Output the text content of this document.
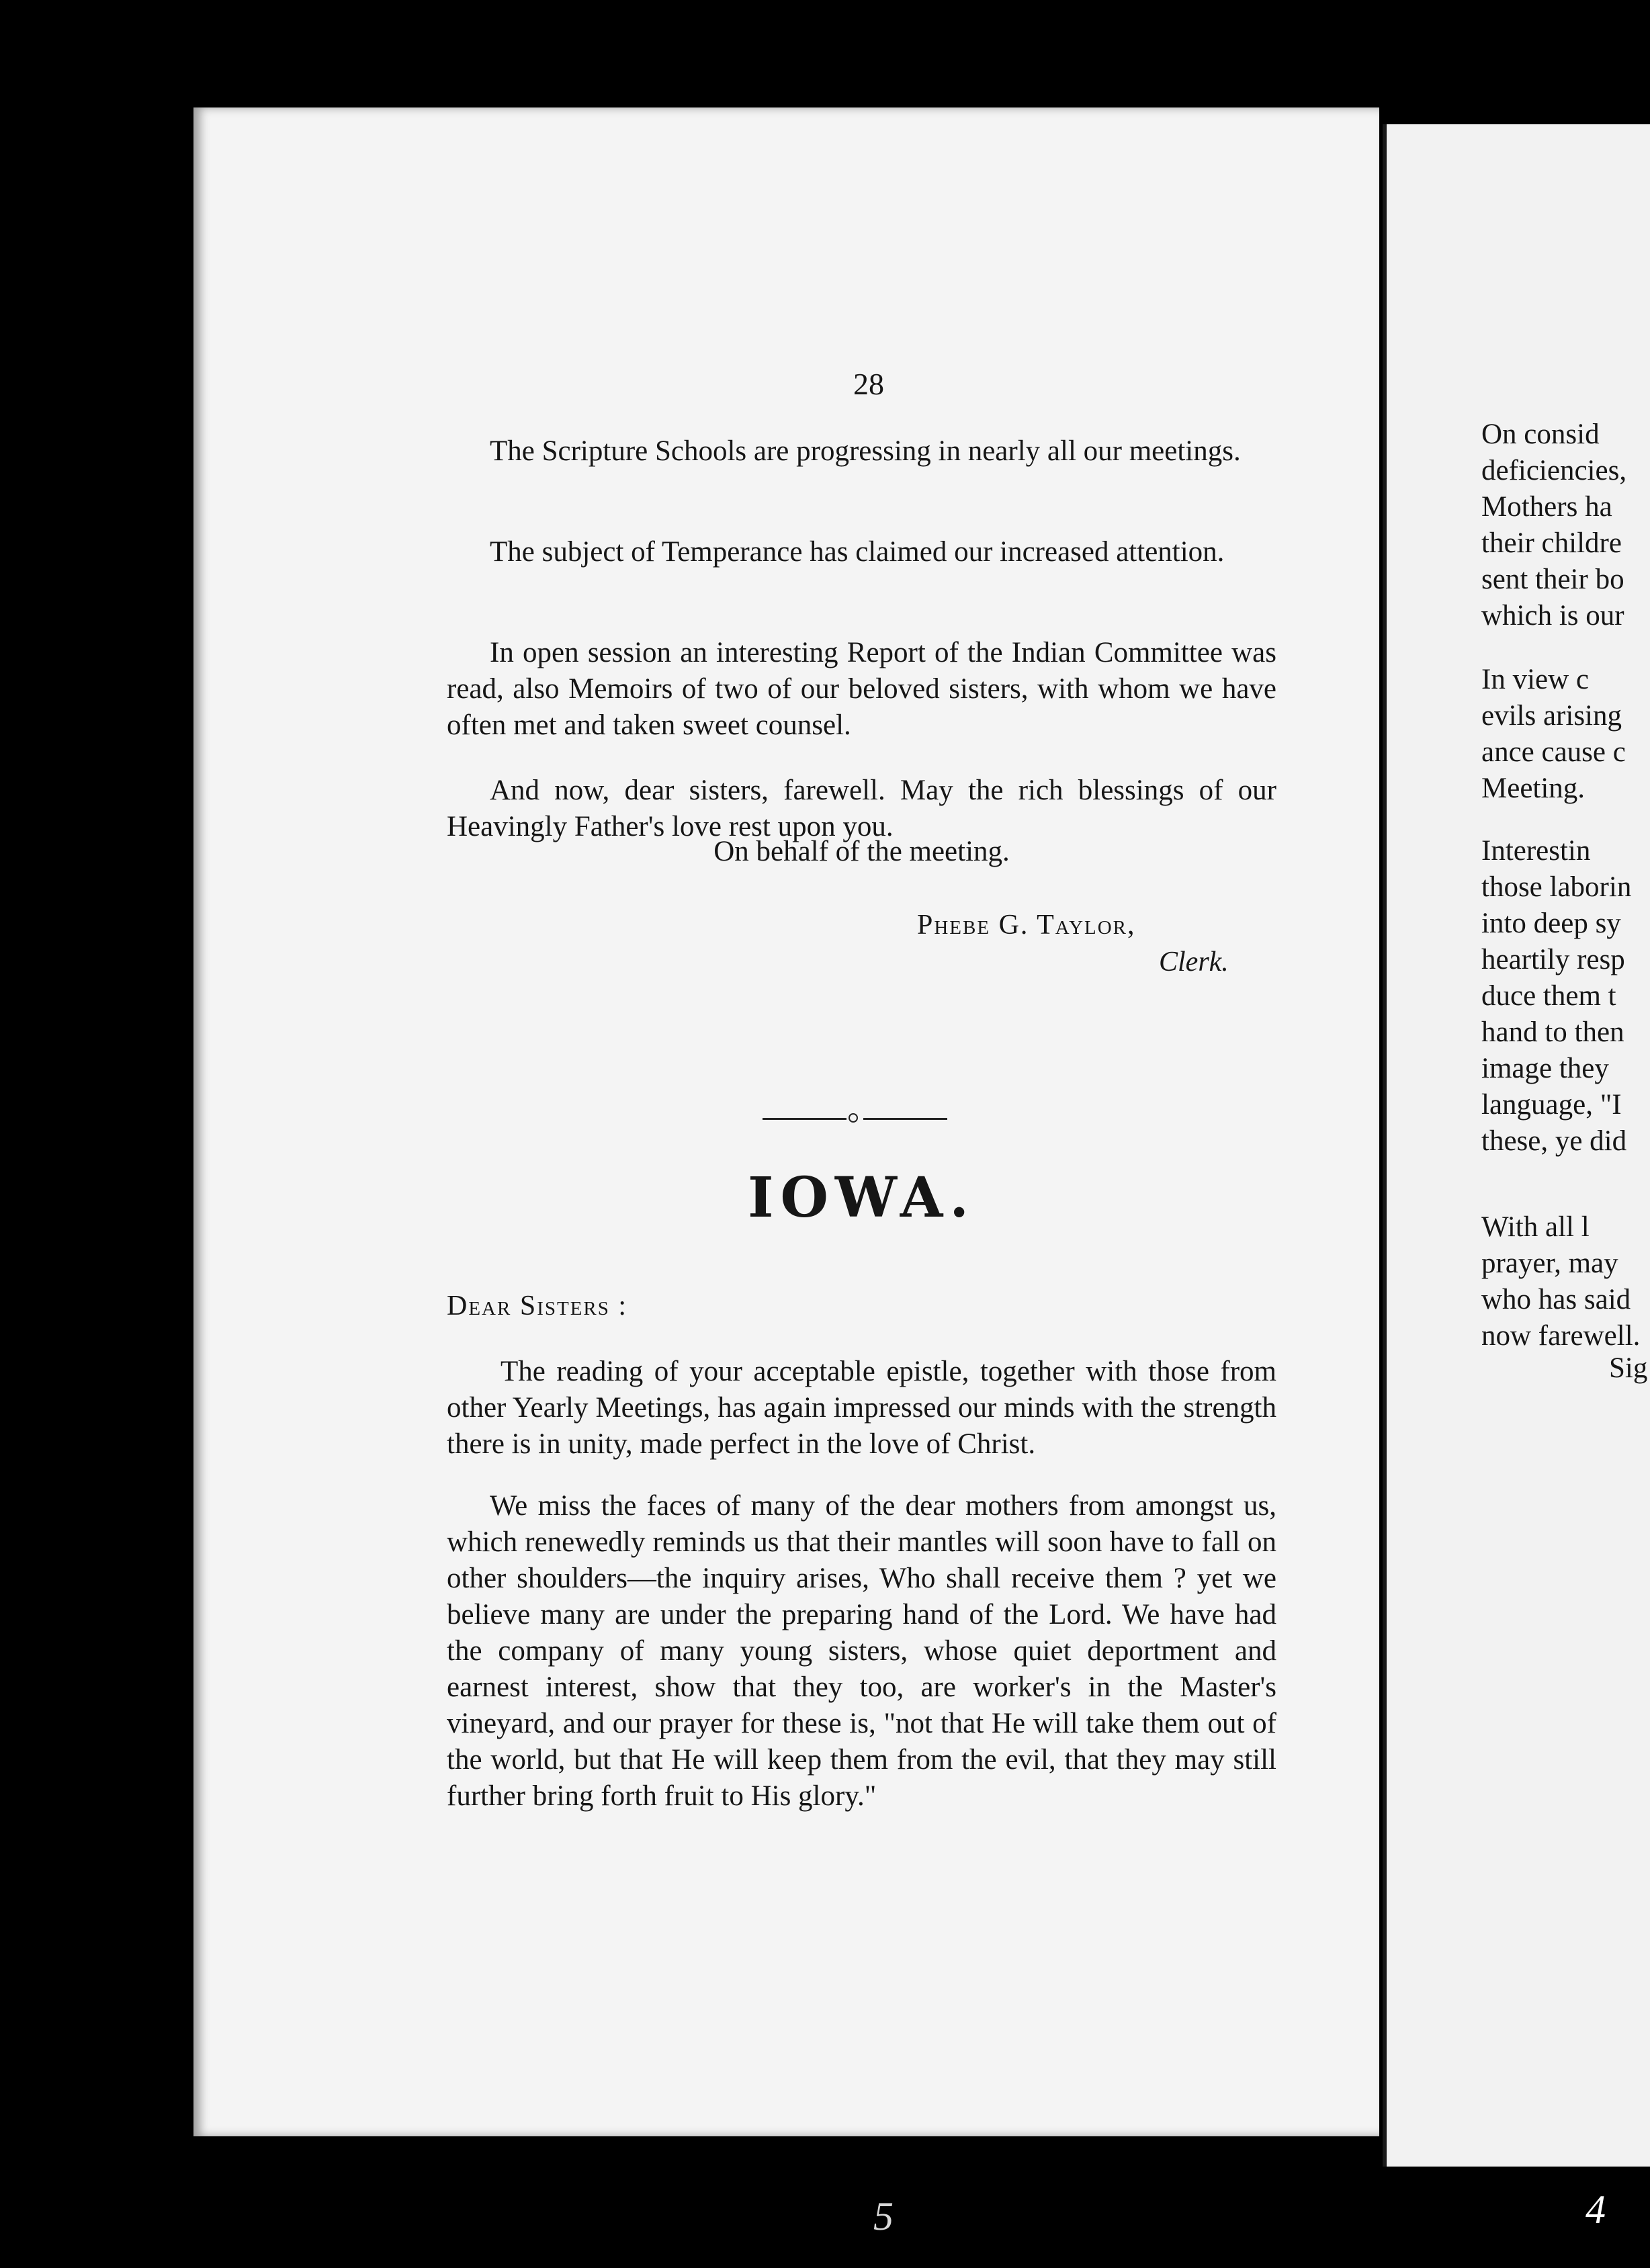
28
The Scripture Schools are progressing in nearly all our meetings.
The subject of Temperance has claimed our increased attention.
In open session an interesting Report of the Indian Committee was read, also Memoirs of two of our beloved sisters, with whom we have often met and taken sweet counsel.
And now, dear sisters, farewell. May the rich blessings of our Heavingly Father's love rest upon you.
On behalf of the meeting.
Phebe G. Taylor,
Clerk.
IOWA.
Dear Sisters :
The reading of your acceptable epistle, together with those from other Yearly Meetings, has again impressed our minds with the strength there is in unity, made perfect in the love of Christ.
We miss the faces of many of the dear mothers from amongst us, which renewedly reminds us that their mantles will soon have to fall on other shoulders—the inquiry arises, Who shall receive them ? yet we believe many are under the preparing hand of the Lord. We have had the company of many young sisters, whose quiet deportment and earnest interest, show that they too, are worker's in the Master's vineyard, and our prayer for these is, "not that He will take them out of the world, but that He will keep them from the evil, that they may still further bring forth fruit to His glory."
On consid
deficiencies,
Mothers ha
their childre
sent their bo
which is our
In view c
evils arising
ance cause c
Meeting.
Interestin
those laborin
into deep sy
heartily resp
duce them t
hand to then
image they
language, "I
these, ye did
With all l
prayer, may
who has said
now farewell.
Sig
5	4
